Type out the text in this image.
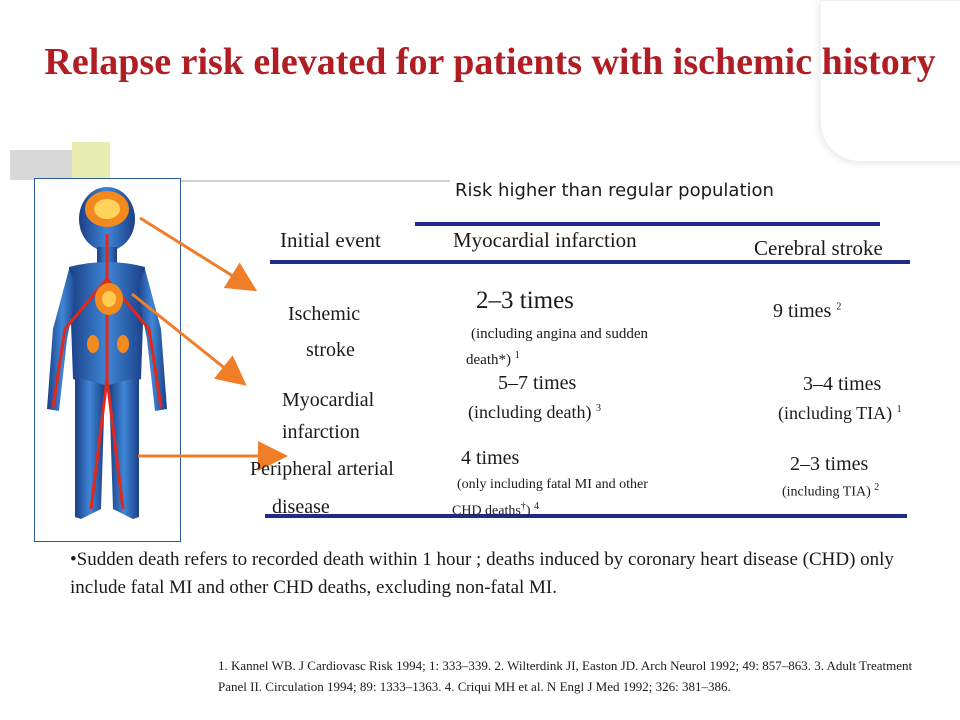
Relapse risk elevated for patients with ischemic history
Risk higher than regular population
Initial event	Myocardial infarction	Cerebral stroke
Ischemic
stroke
2–3 times
(including angina and sudden
death*) $^1$
9 times $^2$
Myocardial
infarction
5–7 times
(including death) $^3$
3–4 times
(including TIA) $^1$
Peripheral arterial
disease
4 times
(only including fatal MI and other
CHD deaths†) $^4$
2–3 times
(including TIA) $^2$
•Sudden death refers to recorded death within 1 hour ; deaths induced by coronary heart disease (CHD) only include fatal MI and other CHD deaths, excluding non-fatal MI.
1. Kannel WB. J Cardiovasc Risk 1994; 1: 333–339. 2. Wilterdink JI, Easton JD. Arch Neurol 1992; 49: 857–863. 3. Adult Treatment Panel II. Circulation 1994; 89: 1333–1363. 4. Criqui MH et al. N Engl J Med 1992; 326: 381–386.
